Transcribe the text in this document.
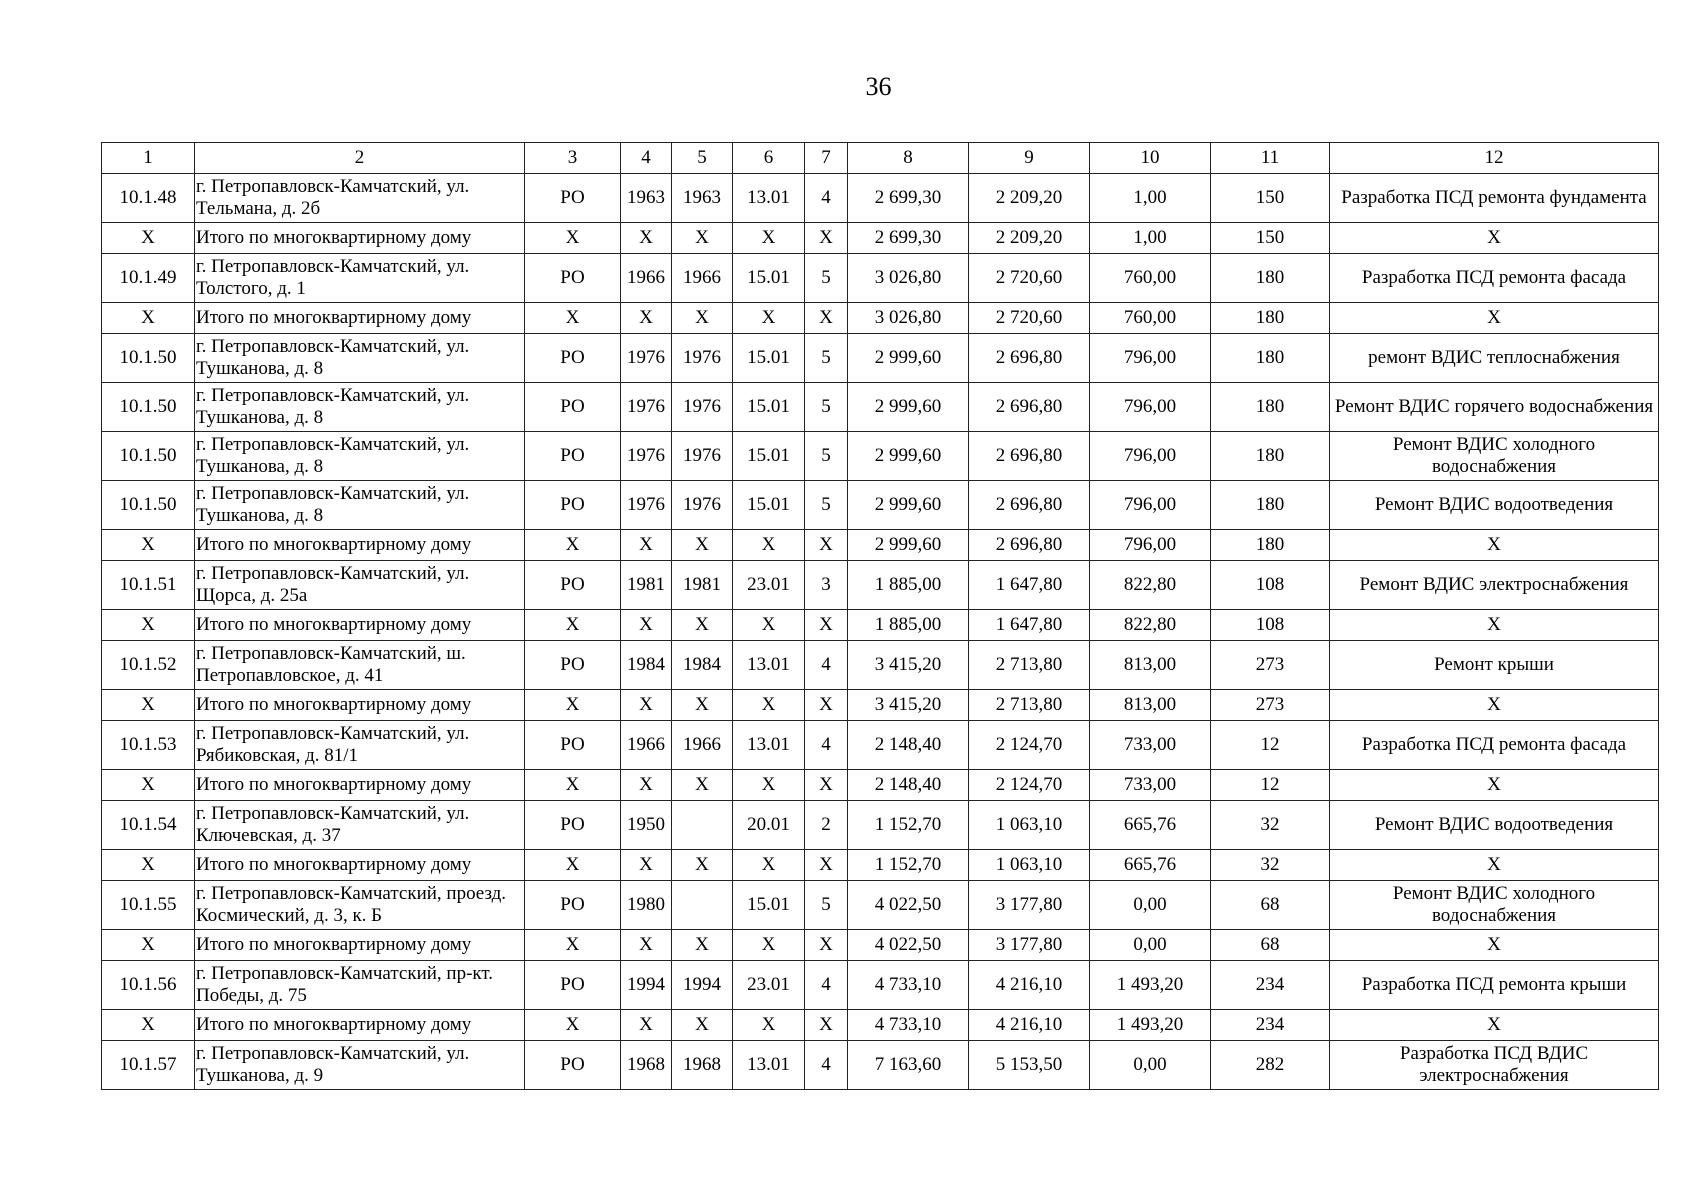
36
1	2	3	4	5	6	7	8	9	10	11	12
10.1.48	г. Петропавловск-Камчатский, ул. Тельмана, д. 2б	РО	1963	1963	13.01	4	2 699,30	2 209,20	1,00	150	Разработка ПСД ремонта фундамента
X	Итого по многоквартирному дому	X	X	X	X	X	2 699,30	2 209,20	1,00	150	X
10.1.49	г. Петропавловск-Камчатский, ул. Толстого, д. 1	РО	1966	1966	15.01	5	3 026,80	2 720,60	760,00	180	Разработка ПСД ремонта фасада
X	Итого по многоквартирному дому	X	X	X	X	X	3 026,80	2 720,60	760,00	180	X
10.1.50	г. Петропавловск-Камчатский, ул. Тушканова, д. 8	РО	1976	1976	15.01	5	2 999,60	2 696,80	796,00	180	ремонт ВДИС теплоснабжения
10.1.50	г. Петропавловск-Камчатский, ул. Тушканова, д. 8	РО	1976	1976	15.01	5	2 999,60	2 696,80	796,00	180	Ремонт ВДИС горячего водоснабжения
10.1.50	г. Петропавловск-Камчатский, ул. Тушканова, д. 8	РО	1976	1976	15.01	5	2 999,60	2 696,80	796,00	180	Ремонт ВДИС холодного водоснабжения
10.1.50	г. Петропавловск-Камчатский, ул. Тушканова, д. 8	РО	1976	1976	15.01	5	2 999,60	2 696,80	796,00	180	Ремонт ВДИС водоотведения
X	Итого по многоквартирному дому	X	X	X	X	X	2 999,60	2 696,80	796,00	180	X
10.1.51	г. Петропавловск-Камчатский, ул. Щорса, д. 25а	РО	1981	1981	23.01	3	1 885,00	1 647,80	822,80	108	Ремонт ВДИС электроснабжения
X	Итого по многоквартирному дому	X	X	X	X	X	1 885,00	1 647,80	822,80	108	X
10.1.52	г. Петропавловск-Камчатский, ш. Петропавловское, д. 41	РО	1984	1984	13.01	4	3 415,20	2 713,80	813,00	273	Ремонт крыши
X	Итого по многоквартирному дому	X	X	X	X	X	3 415,20	2 713,80	813,00	273	X
10.1.53	г. Петропавловск-Камчатский, ул. Рябиковская, д. 81/1	РО	1966	1966	13.01	4	2 148,40	2 124,70	733,00	12	Разработка ПСД ремонта фасада
X	Итого по многоквартирному дому	X	X	X	X	X	2 148,40	2 124,70	733,00	12	X
10.1.54	г. Петропавловск-Камчатский, ул. Ключевская, д. 37	РО	1950		20.01	2	1 152,70	1 063,10	665,76	32	Ремонт ВДИС водоотведения
X	Итого по многоквартирному дому	X	X	X	X	X	1 152,70	1 063,10	665,76	32	X
10.1.55	г. Петропавловск-Камчатский, проезд. Космический, д. 3, к. Б	РО	1980		15.01	5	4 022,50	3 177,80	0,00	68	Ремонт ВДИС холодного водоснабжения
X	Итого по многоквартирному дому	X	X	X	X	X	4 022,50	3 177,80	0,00	68	X
10.1.56	г. Петропавловск-Камчатский, пр-кт. Победы, д. 75	РО	1994	1994	23.01	4	4 733,10	4 216,10	1 493,20	234	Разработка ПСД ремонта крыши
X	Итого по многоквартирному дому	X	X	X	X	X	4 733,10	4 216,10	1 493,20	234	X
10.1.57	г. Петропавловск-Камчатский, ул. Тушканова, д. 9	РО	1968	1968	13.01	4	7 163,60	5 153,50	0,00	282	Разработка ПСД ВДИС электроснабжения
